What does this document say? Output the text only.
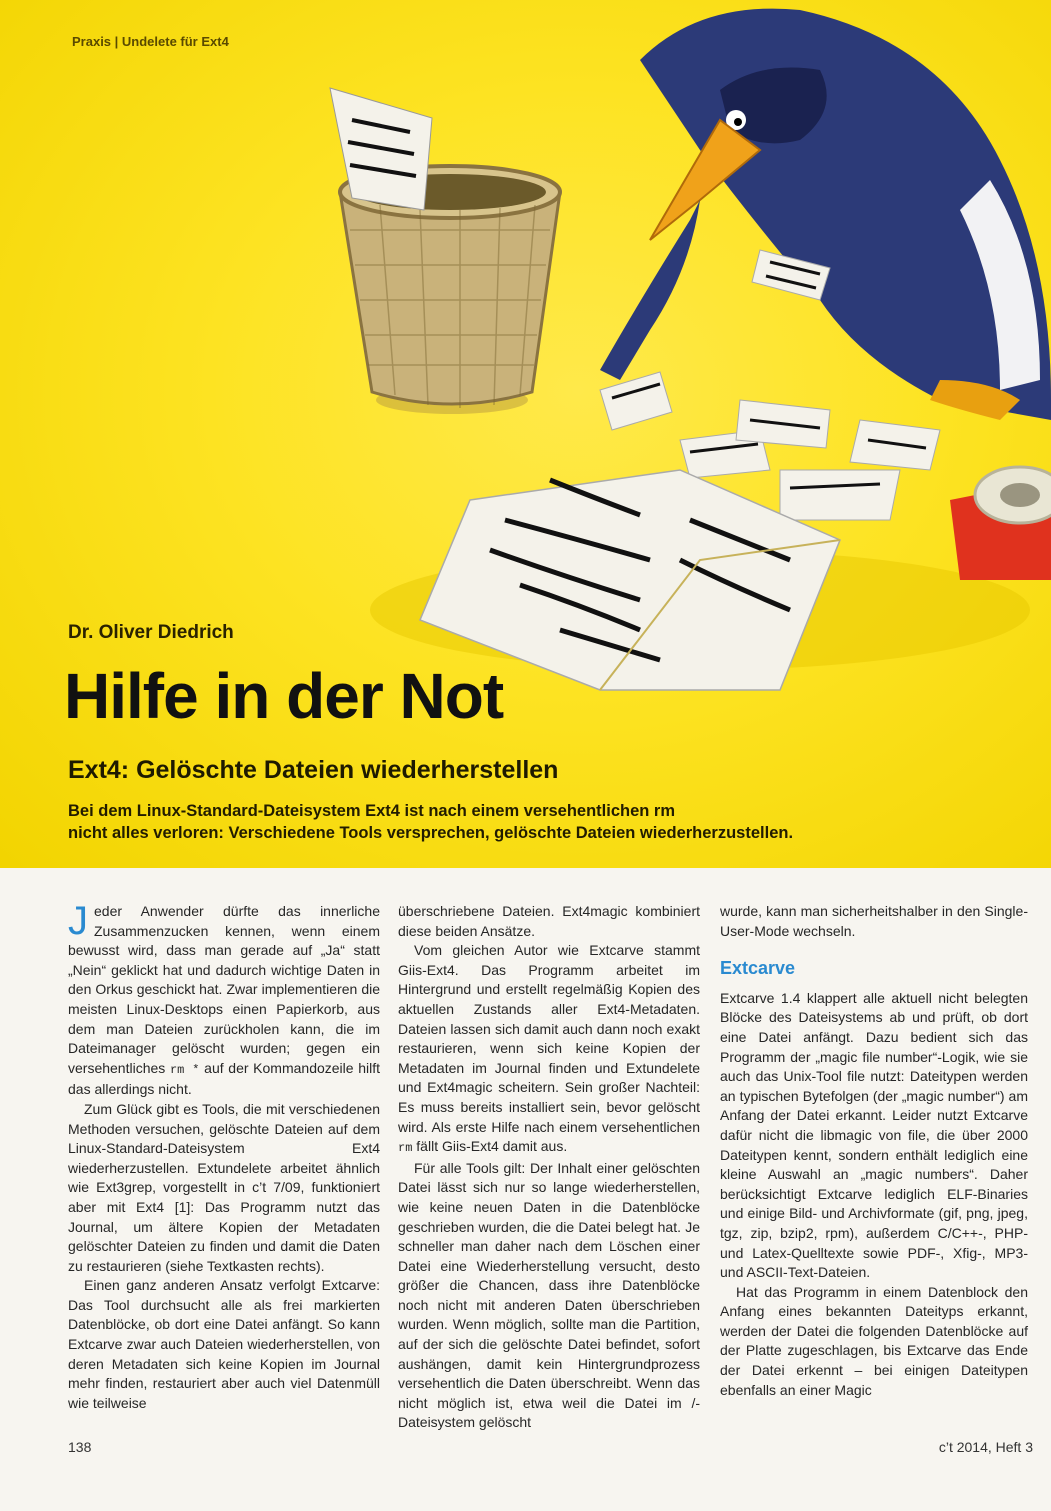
Praxis | Undelete für Ext4
Dr. Oliver Diedrich
Hilfe in der Not
Ext4: Gelöschte Dateien wiederherstellen
Bei dem Linux-Standard-Dateisystem Ext4 ist nach einem versehentlichen rm
nicht alles verloren: Verschiedene Tools versprechen, gelöschte Dateien wiederherzustellen.

Jeder Anwender dürfte das innerliche Zusammenzucken kennen, wenn einem bewusst wird, dass man gerade auf „Ja“ statt „Nein“ geklickt hat und dadurch wichtige Daten in den Orkus geschickt hat. Zwar implementieren die meisten Linux-Desktops einen Papierkorb, aus dem man Dateien zurückholen kann, die im Dateimanager gelöscht wurden; gegen ein versehentliches rm * auf der Kommandozeile hilft das allerdings nicht.

Zum Glück gibt es Tools, die mit verschiedenen Methoden versuchen, gelöschte Dateien auf dem Linux-Standard-Dateisystem Ext4 wiederherzustellen. Extundelete arbeitet ähnlich wie Ext3grep, vorgestellt in c’t 7/09, funktioniert aber mit Ext4 [1]: Das Programm nutzt das Journal, um ältere Kopien der Metadaten gelöschter Dateien zu finden und damit die Daten zu restaurieren (siehe Textkasten rechts).

Einen ganz anderen Ansatz verfolgt Extcarve: Das Tool durchsucht alle als frei markierten Datenblöcke, ob dort eine Datei anfängt. So kann Extcarve zwar auch Dateien wiederherstellen, von deren Metadaten sich keine Kopien im Journal mehr finden, restauriert aber auch viel Datenmüll wie teilweise

überschriebene Dateien. Ext4magic kombiniert diese beiden Ansätze.

Vom gleichen Autor wie Extcarve stammt Giis-Ext4. Das Programm arbeitet im Hintergrund und erstellt regelmäßig Kopien des aktuellen Zustands aller Ext4-Metadaten. Dateien lassen sich damit auch dann noch exakt restaurieren, wenn sich keine Kopien der Metadaten im Journal finden und Extundelete und Ext4magic scheitern. Sein großer Nachteil: Es muss bereits installiert sein, bevor gelöscht wird. Als erste Hilfe nach einem versehentlichen rm fällt Giis-Ext4 damit aus.

Für alle Tools gilt: Der Inhalt einer gelöschten Datei lässt sich nur so lange wiederherstellen, wie keine neuen Daten in die Datenblöcke geschrieben wurden, die die Datei belegt hat. Je schneller man daher nach dem Löschen einer Datei eine Wiederherstellung versucht, desto größer die Chancen, dass ihre Datenblöcke noch nicht mit anderen Daten überschrieben wurden. Wenn möglich, sollte man die Partition, auf der sich die gelöschte Datei befindet, sofort aushängen, damit kein Hintergrundprozess versehentlich die Daten überschreibt. Wenn das nicht möglich ist, etwa weil die Datei im /-Dateisystem gelöscht

wurde, kann man sicherheitshalber in den Single-User-Mode wechseln.

Extcarve

Extcarve 1.4 klappert alle aktuell nicht belegten Blöcke des Dateisystems ab und prüft, ob dort eine Datei anfängt. Dazu bedient sich das Programm der „magic file number“-Logik, wie sie auch das Unix-Tool file nutzt: Dateitypen werden an typischen Bytefolgen (der „magic number“) am Anfang der Datei erkannt. Leider nutzt Extcarve dafür nicht die libmagic von file, die über 2000 Dateitypen kennt, sondern enthält lediglich eine kleine Auswahl an „magic numbers“. Daher berücksichtigt Extcarve lediglich ELF-Binaries und einige Bild- und Archivformate (gif, png, jpeg, tgz, zip, bzip2, rpm), außerdem C/C++-, PHP- und Latex-Quelltexte sowie PDF-, Xfig-, MP3- und ASCII-Text-Dateien.

Hat das Programm in einem Datenblock den Anfang eines bekannten Dateityps erkannt, werden der Datei die folgenden Datenblöcke auf der Platte zugeschlagen, bis Extcarve das Ende der Datei erkennt – bei einigen Dateitypen ebenfalls an einer Magic

138	c’t 2014, Heft 3
